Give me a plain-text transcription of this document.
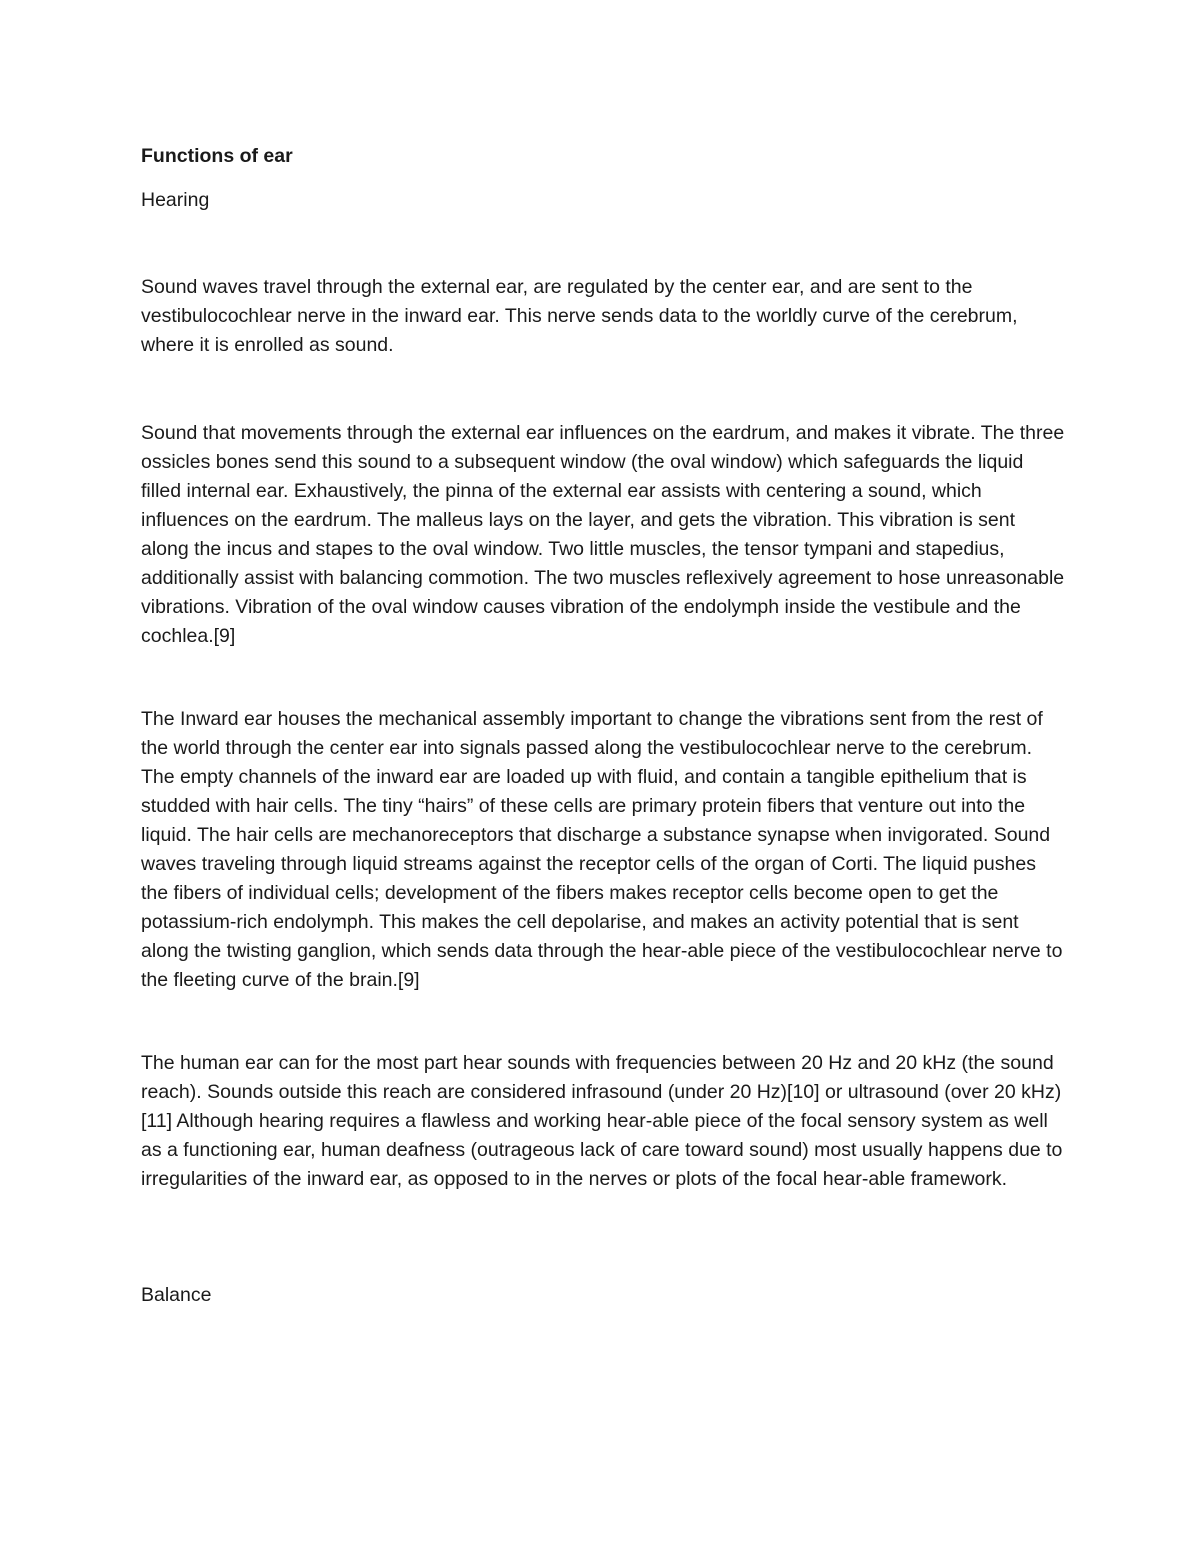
Functions of ear

Hearing

Sound waves travel through the external ear, are regulated by the center ear, and are sent to the vestibulocochlear nerve in the inward ear. This nerve sends data to the worldly curve of the cerebrum, where it is enrolled as sound.

Sound that movements through the external ear influences on the eardrum, and makes it vibrate. The three ossicles bones send this sound to a subsequent window (the oval window) which safeguards the liquid filled internal ear. Exhaustively, the pinna of the external ear assists with centering a sound, which influences on the eardrum. The malleus lays on the layer, and gets the vibration. This vibration is sent along the incus and stapes to the oval window. Two little muscles, the tensor tympani and stapedius, additionally assist with balancing commotion. The two muscles reflexively agreement to hose unreasonable vibrations. Vibration of the oval window causes vibration of the endolymph inside the vestibule and the cochlea.[9]

The Inward ear houses the mechanical assembly important to change the vibrations sent from the rest of the world through the center ear into signals passed along the vestibulocochlear nerve to the cerebrum. The empty channels of the inward ear are loaded up with fluid, and contain a tangible epithelium that is studded with hair cells. The tiny “hairs” of these cells are primary protein fibers that venture out into the liquid. The hair cells are mechanoreceptors that discharge a substance synapse when invigorated. Sound waves traveling through liquid streams against the receptor cells of the organ of Corti. The liquid pushes the fibers of individual cells; development of the fibers makes receptor cells become open to get the potassium-rich endolymph. This makes the cell depolarise, and makes an activity potential that is sent along the twisting ganglion, which sends data through the hear-able piece of the vestibulocochlear nerve to the fleeting curve of the brain.[9]

The human ear can for the most part hear sounds with frequencies between 20 Hz and 20 kHz (the sound reach). Sounds outside this reach are considered infrasound (under 20 Hz)[10] or ultrasound (over 20 kHz)[11] Although hearing requires a flawless and working hear-able piece of the focal sensory system as well as a functioning ear, human deafness (outrageous lack of care toward sound) most usually happens due to irregularities of the inward ear, as opposed to in the nerves or plots of the focal hear-able framework.

Balance
